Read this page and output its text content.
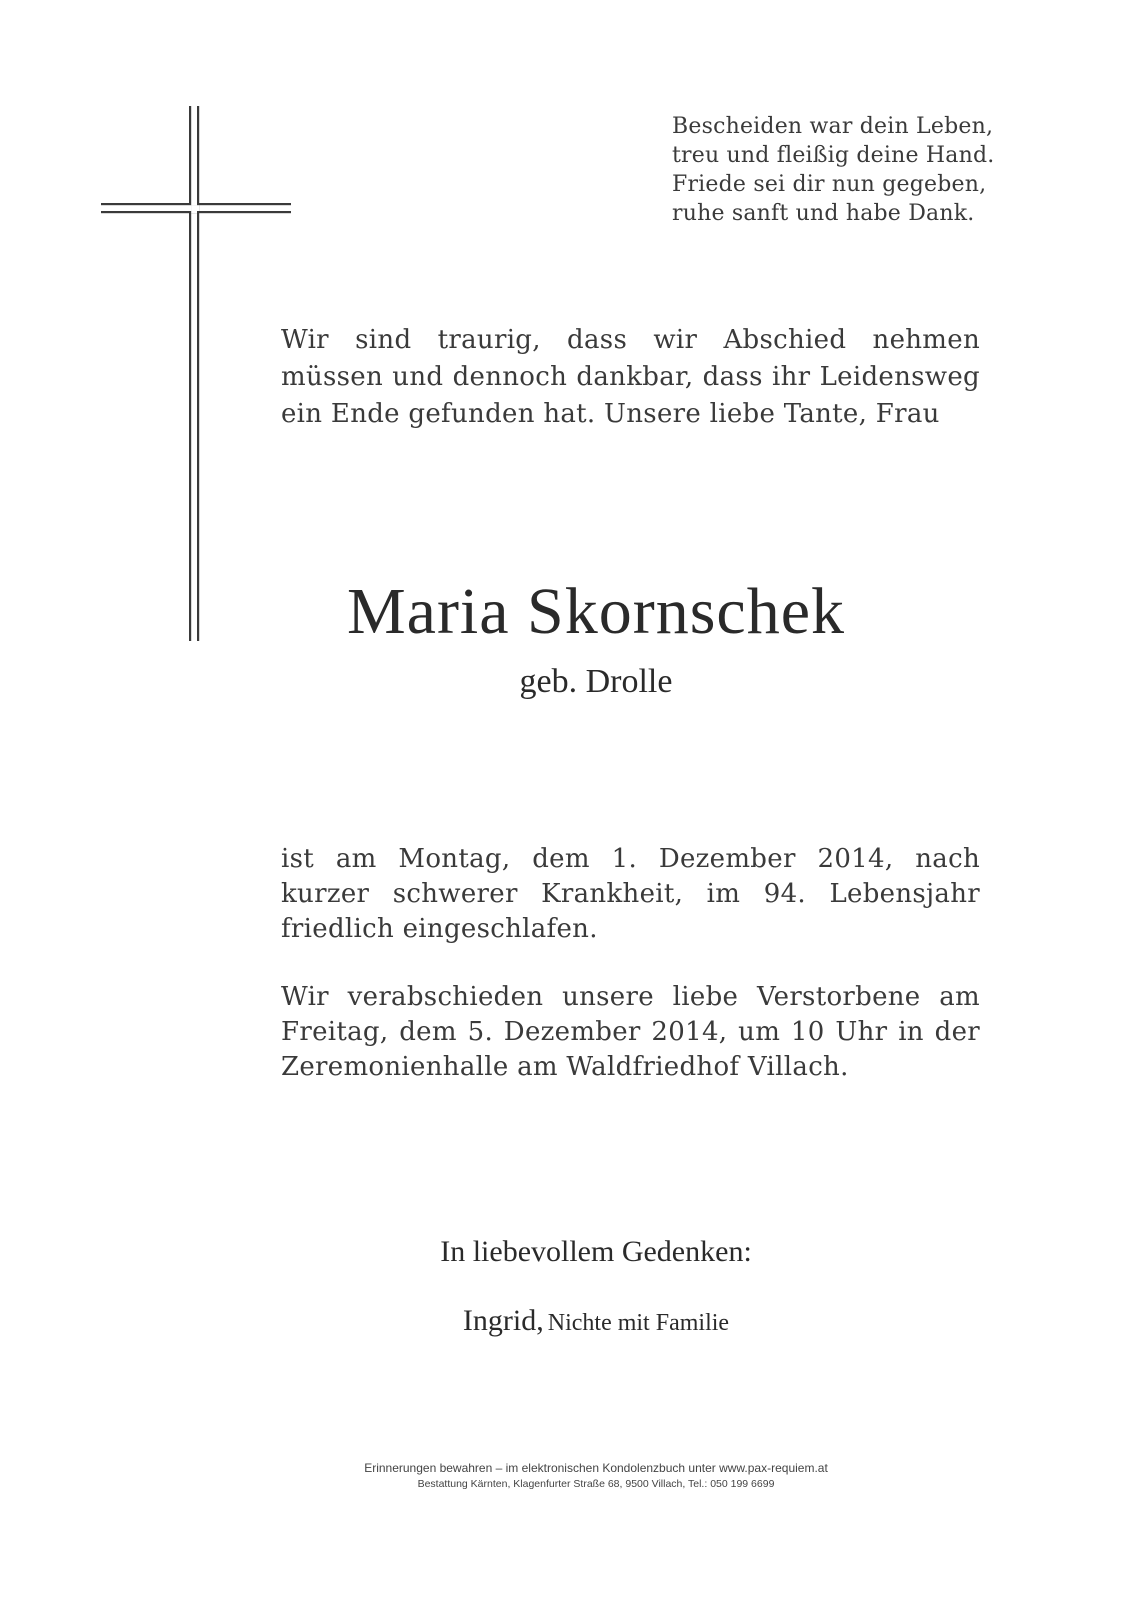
Bescheiden war dein Leben,
treu und fleißig deine Hand.
Friede sei dir nun gegeben,
ruhe sanft und habe Dank.
Wir sind traurig, dass wir Abschied nehmen müssen und dennoch dankbar, dass ihr Leidensweg ein Ende gefunden hat. Unsere liebe Tante, Frau
Maria Skornschek
geb. Drolle
ist am Montag, dem 1. Dezember 2014, nach kurzer schwerer Krankheit, im 94. Lebensjahr friedlich eingeschlafen.
Wir verabschieden unsere liebe Verstorbene am Freitag, dem 5. Dezember 2014, um 10 Uhr in der Zeremonienhalle am Waldfriedhof Villach.
In liebevollem Gedenken:
Ingrid, Nichte mit Familie
Erinnerungen bewahren – im elektronischen Kondolenzbuch unter www.pax-requiem.at
Bestattung Kärnten, Klagenfurter Straße 68, 9500 Villach, Tel.: 050 199 6699
